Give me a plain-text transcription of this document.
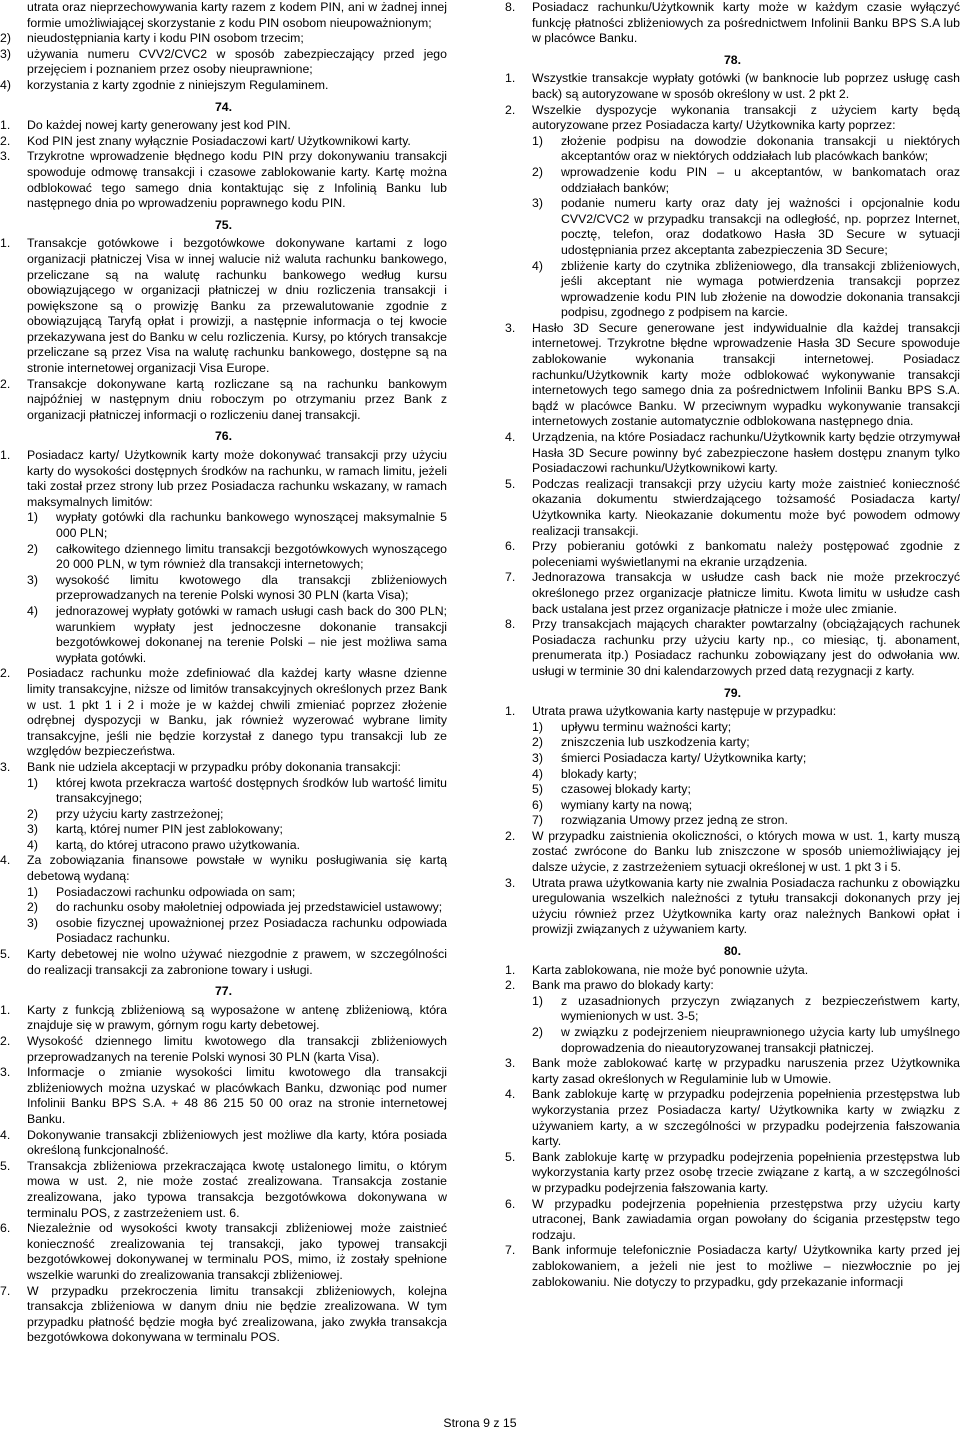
utrata oraz nieprzechowywania karty razem z kodem PIN, ani w żadnej innej formie umożliwiającej skorzystanie z kodu PIN osobom nieupoważnionym;
2) nieudostępniania karty i kodu PIN osobom trzecim;
3) używania numeru CVV2/CVC2 w sposób zabezpieczający przed jego przejęciem i poznaniem przez osoby nieuprawnione;
4) korzystania z karty zgodnie z niniejszym Regulaminem.
74.
1. Do każdej nowej karty generowany jest kod PIN.
2. Kod PIN jest znany wyłącznie Posiadaczowi kart/ Użytkownikowi karty.
3. Trzykrotne wprowadzenie błędnego kodu PIN przy dokonywaniu transakcji spowoduje odmowę transakcji i czasowe zablokowanie karty. Kartę można odblokować tego samego dnia kontaktując się z Infolinią Banku lub następnego dnia po wprowadzeniu poprawnego kodu PIN.
75.
1. Transakcje gotówkowe i bezgotówkowe dokonywane kartami z logo organizacji płatniczej Visa w innej walucie niż waluta rachunku bankowego, przeliczane są na walutę rachunku bankowego według kursu obowiązującego w organizacji płatniczej w dniu rozliczenia transakcji i powiększone są o prowizję Banku za przewalutowanie zgodnie z obowiązującą Taryfą opłat i prowizji, a następnie informacja o tej kwocie przekazywana jest do Banku w celu rozliczenia. Kursy, po których transakcje przeliczane są przez Visa na walutę rachunku bankowego, dostępne są na stronie internetowej organizacji Visa Europe.
2. Transakcje dokonywane kartą rozliczane są na rachunku bankowym najpóźniej w następnym dniu roboczym po otrzymaniu przez Bank z organizacji płatniczej informacji o rozliczeniu danej transakcji.
76.
1. Posiadacz karty/ Użytkownik karty może dokonywać transakcji przy użyciu karty do wysokości dostępnych środków na rachunku, w ramach limitu, jeżeli taki został przez strony lub przez Posiadacza rachunku wskazany, w ramach maksymalnych limitów:
1) wypłaty gotówki dla rachunku bankowego wynoszącej maksymalnie 5 000 PLN;
2) całkowitego dziennego limitu transakcji bezgotówkowych wynoszącego 20 000 PLN, w tym również dla transakcji internetowych;
3) wysokość limitu kwotowego dla transakcji zbliżeniowych przeprowadzanych na terenie Polski wynosi 30 PLN (karta Visa);
4) jednorazowej wypłaty gotówki w ramach usługi cash back do 300 PLN; warunkiem wypłaty jest jednoczesne dokonanie transakcji bezgotówkowej dokonanej na terenie Polski – nie jest możliwa sama wypłata gotówki.
2. Posiadacz rachunku może zdefiniować dla każdej karty własne dzienne limity transakcyjne, niższe od limitów transakcyjnych określonych przez Bank w ust. 1 pkt 1 i 2 i może je w każdej chwili zmieniać poprzez złożenie odrębnej dyspozycji w Banku, jak również wyzerować wybrane limity transakcyjne, jeśli nie będzie korzystał z danego typu transakcji lub ze względów bezpieczeństwa.
3. Bank nie udziela akceptacji w przypadku próby dokonania transakcji:
1) której kwota przekracza wartość dostępnych środków lub wartość limitu transakcyjnego;
2) przy użyciu karty zastrzeżonej;
3) kartą, której numer PIN jest zablokowany;
4) kartą, do której utracono prawo użytkowania.
4. Za zobowiązania finansowe powstałe w wyniku posługiwania się kartą debetową wydaną:
1) Posiadaczowi rachunku odpowiada on sam;
2) do rachunku osoby małoletniej odpowiada jej przedstawiciel ustawowy;
3) osobie fizycznej upoważnionej przez Posiadacza rachunku odpowiada Posiadacz rachunku.
5. Karty debetowej nie wolno używać niezgodnie z prawem, w szczególności do realizacji transakcji za zabronione towary i usługi.
77.
1. Karty z funkcją zbliżeniową są wyposażone w antenę zbliżeniową, która znajduje się w prawym, górnym rogu karty debetowej.
2. Wysokość dziennego limitu kwotowego dla transakcji zbliżeniowych przeprowadzanych na terenie Polski wynosi 30 PLN (karta Visa).
3. Informacje o zmianie wysokości limitu kwotowego dla transakcji zbliżeniowych można uzyskać w placówkach Banku, dzwoniąc pod numer Infolinii Banku BPS S.A. + 48 86 215 50 00 oraz na stronie internetowej Banku.
4. Dokonywanie transakcji zbliżeniowych jest możliwe dla karty, która posiada określoną funkcjonalność.
5. Transakcja zbliżeniowa przekraczająca kwotę ustalonego limitu, o którym mowa w ust. 2, nie może zostać zrealizowana. Transakcja zostanie zrealizowana, jako typowa transakcja bezgotówkowa dokonywana w terminalu POS, z zastrzeżeniem ust. 6.
6. Niezależnie od wysokości kwoty transakcji zbliżeniowej może zaistnieć konieczność zrealizowania tej transakcji, jako typowej transakcji bezgotówkowej dokonywanej w terminalu POS, mimo, iż zostały spełnione wszelkie warunki do zrealizowania transakcji zbliżeniowej.
7. W przypadku przekroczenia limitu transakcji zbliżeniowych, kolejna transakcja zbliżeniowa w danym dniu nie będzie zrealizowana. W tym przypadku płatność będzie mogła być zrealizowana, jako zwykła transakcja bezgotówkowa dokonywana w terminalu POS.
8. Posiadacz rachunku/Użytkownik karty może w każdym czasie wyłączyć funkcję płatności zbliżeniowych za pośrednictwem Infolinii Banku BPS S.A lub w placówce Banku.
78.
1. Wszystkie transakcje wypłaty gotówki (w banknocie lub poprzez usługę cash back) są autoryzowane w sposób określony w ust. 2 pkt 2.
2. Wszelkie dyspozycje wykonania transakcji z użyciem karty będą autoryzowane przez Posiadacza karty/ Użytkownika karty poprzez:
1) złożenie podpisu na dowodzie dokonania transakcji u niektórych akceptantów oraz w niektórych oddziałach lub placówkach banków;
2) wprowadzenie kodu PIN – u akceptantów, w bankomatach oraz oddziałach banków;
3) podanie numeru karty oraz daty jej ważności i opcjonalnie kodu CVV2/CVC2 w przypadku transakcji na odległość, np. poprzez Internet, pocztę, telefon, oraz dodatkowo Hasła 3D Secure w sytuacji udostępniania przez akceptanta zabezpieczenia 3D Secure;
4) zbliżenie karty do czytnika zbliżeniowego, dla transakcji zbliżeniowych, jeśli akceptant nie wymaga potwierdzenia transakcji poprzez wprowadzenie kodu PIN lub złożenie na dowodzie dokonania transakcji podpisu, zgodnego z podpisem na karcie.
3. Hasło 3D Secure generowane jest indywidualnie dla każdej transakcji internetowej. Trzykrotne błędne wprowadzenie Hasła 3D Secure spowoduje zablokowanie wykonania transakcji internetowej. Posiadacz rachunku/Użytkownik karty może odblokować wykonywanie transakcji internetowych tego samego dnia za pośrednictwem Infolinii Banku BPS S.A. bądź w placówce Banku. W przeciwnym wypadku wykonywanie transakcji internetowych zostanie automatycznie odblokowana następnego dnia.
4. Urządzenia, na które Posiadacz rachunku/Użytkownik karty będzie otrzymywał Hasła 3D Secure powinny być zabezpieczone hasłem dostępu znanym tylko Posiadaczowi rachunku/Użytkownikowi karty.
5. Podczas realizacji transakcji przy użyciu karty może zaistnieć konieczność okazania dokumentu stwierdzającego tożsamość Posiadacza karty/ Użytkownika karty. Nieokazanie dokumentu może być powodem odmowy realizacji transakcji.
6. Przy pobieraniu gotówki z bankomatu należy postępować zgodnie z poleceniami wyświetlanymi na ekranie urządzenia.
7. Jednorazowa transakcja w usłudze cash back nie może przekroczyć określonego przez organizacje płatnicze limitu. Kwota limitu w usłudze cash back ustalana jest przez organizacje płatnicze i może ulec zmianie.
8. Przy transakcjach mających charakter powtarzalny (obciążających rachunek Posiadacza rachunku przy użyciu karty np., co miesiąc, tj. abonament, prenumerata itp.) Posiadacz rachunku zobowiązany jest do odwołania ww. usługi w terminie 30 dni kalendarzowych przed datą rezygnacji z karty.
79.
1. Utrata prawa użytkowania karty następuje w przypadku:
1) upływu terminu ważności karty;
2) zniszczenia lub uszkodzenia karty;
3) śmierci Posiadacza karty/ Użytkownika karty;
4) blokady karty;
5) czasowej blokady karty;
6) wymiany karty na nową;
7) rozwiązania Umowy przez jedną ze stron.
2. W przypadku zaistnienia okoliczności, o których mowa w ust. 1, karty muszą zostać zwrócone do Banku lub zniszczone w sposób uniemożliwiający jej dalsze użycie, z zastrzeżeniem sytuacji określonej w ust. 1 pkt 3 i 5.
3. Utrata prawa użytkowania karty nie zwalnia Posiadacza rachunku z obowiązku uregulowania wszelkich należności z tytułu transakcji dokonanych przy jej użyciu również przez Użytkownika karty oraz należnych Bankowi opłat i prowizji związanych z używaniem karty.
80.
1. Karta zablokowana, nie może być ponownie użyta.
2. Bank ma prawo do blokady karty:
1) z uzasadnionych przyczyn związanych z bezpieczeństwem karty, wymienionych w ust. 3-5;
2) w związku z podejrzeniem nieuprawnionego użycia karty lub umyślnego doprowadzenia do nieautoryzowanej transakcji płatniczej.
3. Bank może zablokować kartę w przypadku naruszenia przez Użytkownika karty zasad określonych w Regulaminie lub w Umowie.
4. Bank zablokuje kartę w przypadku podejrzenia popełnienia przestępstwa lub wykorzystania przez Posiadacza karty/ Użytkownika karty w związku z używaniem karty, a w szczególności w przypadku podejrzenia fałszowania karty.
5. Bank zablokuje kartę w przypadku podejrzenia popełnienia przestępstwa lub wykorzystania karty przez osobę trzecie związane z kartą, a w szczególności w przypadku podejrzenia fałszowania karty.
6. W przypadku podejrzenia popełnienia przestępstwa przy użyciu karty utraconej, Bank zawiadamia organ powołany do ścigania przestępstw tego rodzaju.
7. Bank informuje telefonicznie Posiadacza karty/ Użytkownika karty przed jej zablokowaniem, a jeżeli nie jest to możliwe – niezwłocznie po jej zablokowaniu. Nie dotyczy to przypadku, gdy przekazanie informacji
Strona 9 z 15
